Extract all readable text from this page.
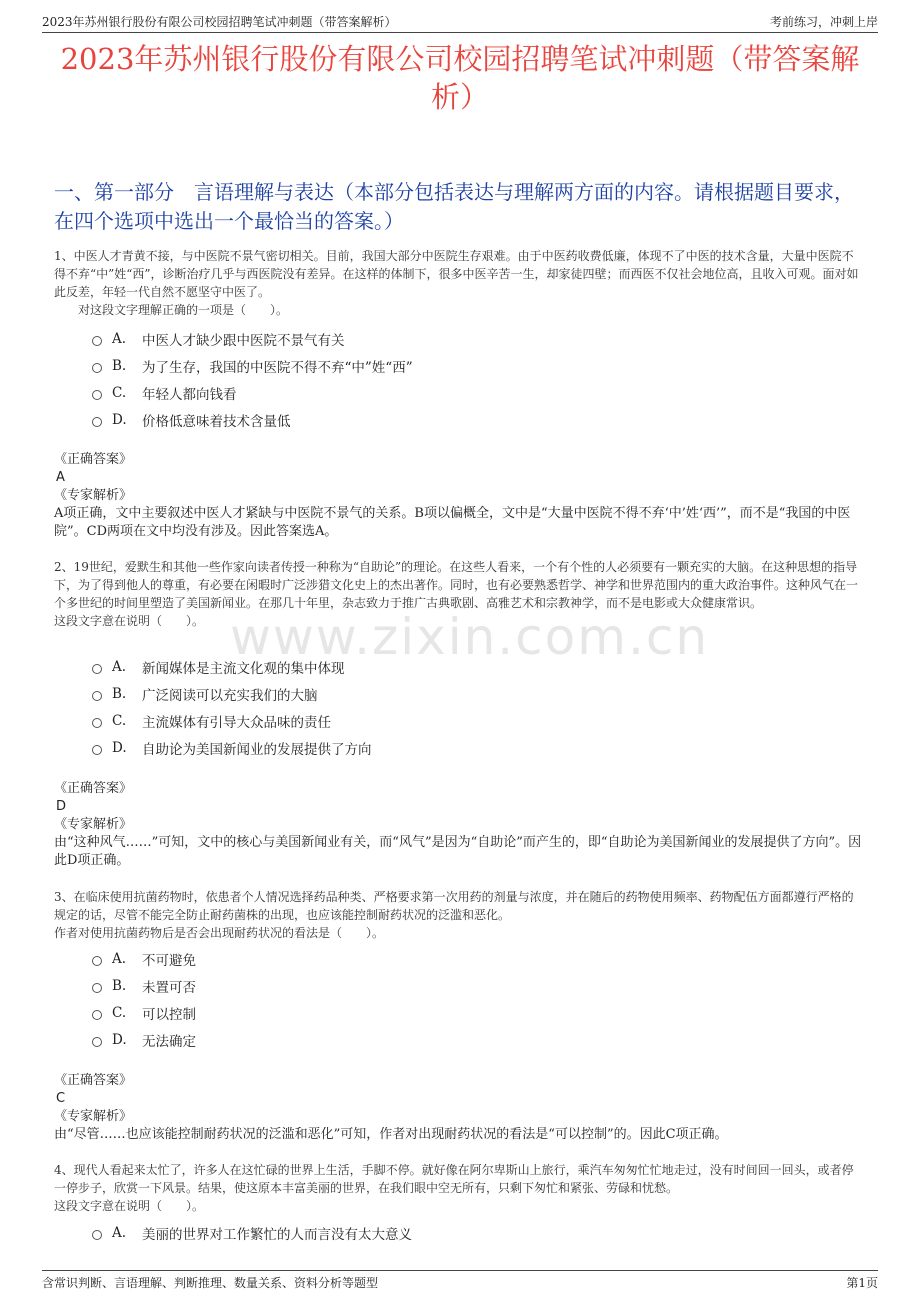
2023年苏州银行股份有限公司校园招聘笔试冲刺题（带答案解析）	考前练习，冲刺上岸
2023年苏州银行股份有限公司校园招聘笔试冲刺题（带答案解析）
一、第一部分　言语理解与表达（本部分包括表达与理解两方面的内容。请根据题目要求，在四个选项中选出一个最恰当的答案。）
www.zixin.com.cn

1、中医人才青黄不接，与中医院不景气密切相关。目前，我国大部分中医院生存艰难。由于中医药收费低廉，体现不了中医的技术含量，大量中医院不得不弃“中”姓“西”，诊断治疗几乎与西医院没有差异。在这样的体制下，很多中医辛苦一生，却家徒四壁；而西医不仅社会地位高，且收入可观。面对如此反差，年轻一代自然不愿坚守中医了。

　　对这段文字理解正确的一项是（　　）。

A.	中医人才缺少跟中医院不景气有关
B.	为了生存，我国的中医院不得不弃“中”姓“西”
C.	年轻人都向钱看
D.	价格低意味着技术含量低
《正确答案》
A
《专家解析》
A项正确，文中主要叙述中医人才紧缺与中医院不景气的关系。B项以偏概全，文中是“大量中医院不得不弃‘中’姓‘西’”，而不是“我国的中医院”。CD两项在文中均没有涉及。因此答案选A。

2、19世纪，爱默生和其他一些作家向读者传授一种称为“自助论”的理论。在这些人看来，一个有个性的人必须要有一颗充实的大脑。在这种思想的指导下，为了得到他人的尊重，有必要在闲暇时广泛涉猎文化史上的杰出著作。同时，也有必要熟悉哲学、神学和世界范围内的重大政治事件。这种风气在一个多世纪的时间里塑造了美国新闻业。在那几十年里，杂志致力于推广古典歌剧、高雅艺术和宗教神学，而不是电影或大众健康常识。

这段文字意在说明（　　）。

A.	新闻媒体是主流文化观的集中体现
B.	广泛阅读可以充实我们的大脑
C.	主流媒体有引导大众品味的责任
D.	自助论为美国新闻业的发展提供了方向
《正确答案》
D
《专家解析》
由“这种风气……”可知，文中的核心与美国新闻业有关，而“风气”是因为“自助论”而产生的，即“自助论为美国新闻业的发展提供了方向”。因此D项正确。

3、在临床使用抗菌药物时，依患者个人情况选择药品种类、严格要求第一次用药的剂量与浓度，并在随后的药物使用频率、药物配伍方面都遵行严格的规定的话，尽管不能完全防止耐药菌株的出现，也应该能控制耐药状况的泛滥和恶化。

作者对使用抗菌药物后是否会出现耐药状况的看法是（　　）。

A.	不可避免
B.	未置可否
C.	可以控制
D.	无法确定
《正确答案》
C
《专家解析》
由“尽管……也应该能控制耐药状况的泛滥和恶化”可知，作者对出现耐药状况的看法是“可以控制”的。因此C项正确。

4、现代人看起来太忙了，许多人在这忙碌的世界上生活，手脚不停。就好像在阿尔卑斯山上旅行，乘汽车匆匆忙忙地走过，没有时间回一回头，或者停一停步子，欣赏一下风景。结果，使这原本丰富美丽的世界，在我们眼中空无所有，只剩下匆忙和紧张、劳碌和忧愁。

这段文字意在说明（　　）。

A.	美丽的世界对工作繁忙的人而言没有太大意义
含常识判断、言语理解、判断推理、数量关系、资料分析等题型	第1页
